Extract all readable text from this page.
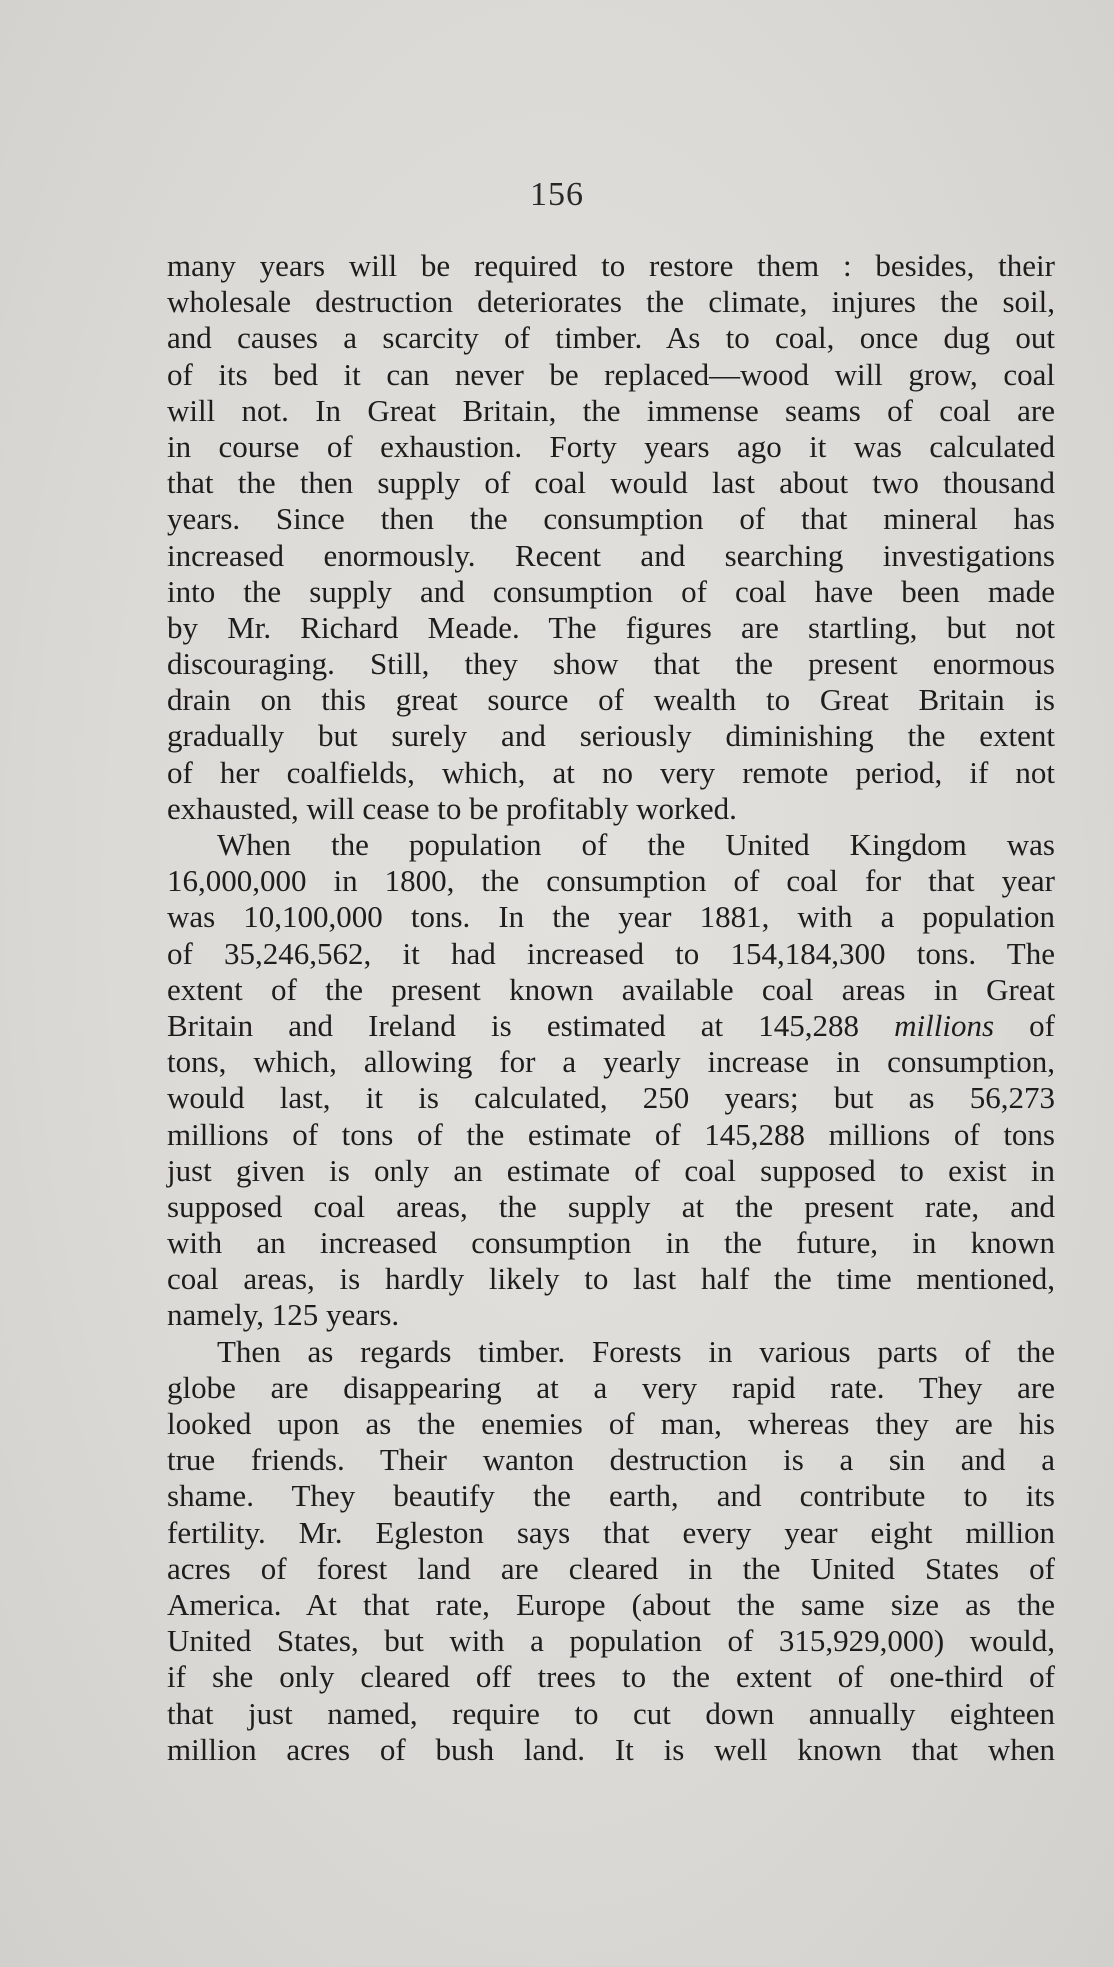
156
many years will be required to restore them : besides, their
wholesale destruction deteriorates the climate, injures the soil,
and causes a scarcity of timber. As to coal, once dug out
of its bed it can never be replaced—wood will grow, coal
will not. In Great Britain, the immense seams of coal are
in course of exhaustion. Forty years ago it was calculated
that the then supply of coal would last about two thousand
years. Since then the consumption of that mineral has
increased enormously. Recent and searching investigations
into the supply and consumption of coal have been made
by Mr. Richard Meade. The figures are startling, but not
discouraging. Still, they show that the present enormous
drain on this great source of wealth to Great Britain is
gradually but surely and seriously diminishing the extent
of her coalfields, which, at no very remote period, if not
exhausted, will cease to be profitably worked.
When the population of the United Kingdom was
16,000,000 in 1800, the consumption of coal for that year
was 10,100,000 tons. In the year 1881, with a population
of 35,246,562, it had increased to 154,184,300 tons. The
extent of the present known available coal areas in Great
Britain and Ireland is estimated at 145,288 millions of
tons, which, allowing for a yearly increase in consumption,
would last, it is calculated, 250 years; but as 56,273
millions of tons of the estimate of 145,288 millions of tons
just given is only an estimate of coal supposed to exist in
supposed coal areas, the supply at the present rate, and
with an increased consumption in the future, in known
coal areas, is hardly likely to last half the time mentioned,
namely, 125 years.
Then as regards timber. Forests in various parts of the
globe are disappearing at a very rapid rate. They are
looked upon as the enemies of man, whereas they are his
true friends. Their wanton destruction is a sin and a
shame. They beautify the earth, and contribute to its
fertility. Mr. Egleston says that every year eight million
acres of forest land are cleared in the United States of
America. At that rate, Europe (about the same size as the
United States, but with a population of 315,929,000) would,
if she only cleared off trees to the extent of one-third of
that just named, require to cut down annually eighteen
million acres of bush land. It is well known that when
